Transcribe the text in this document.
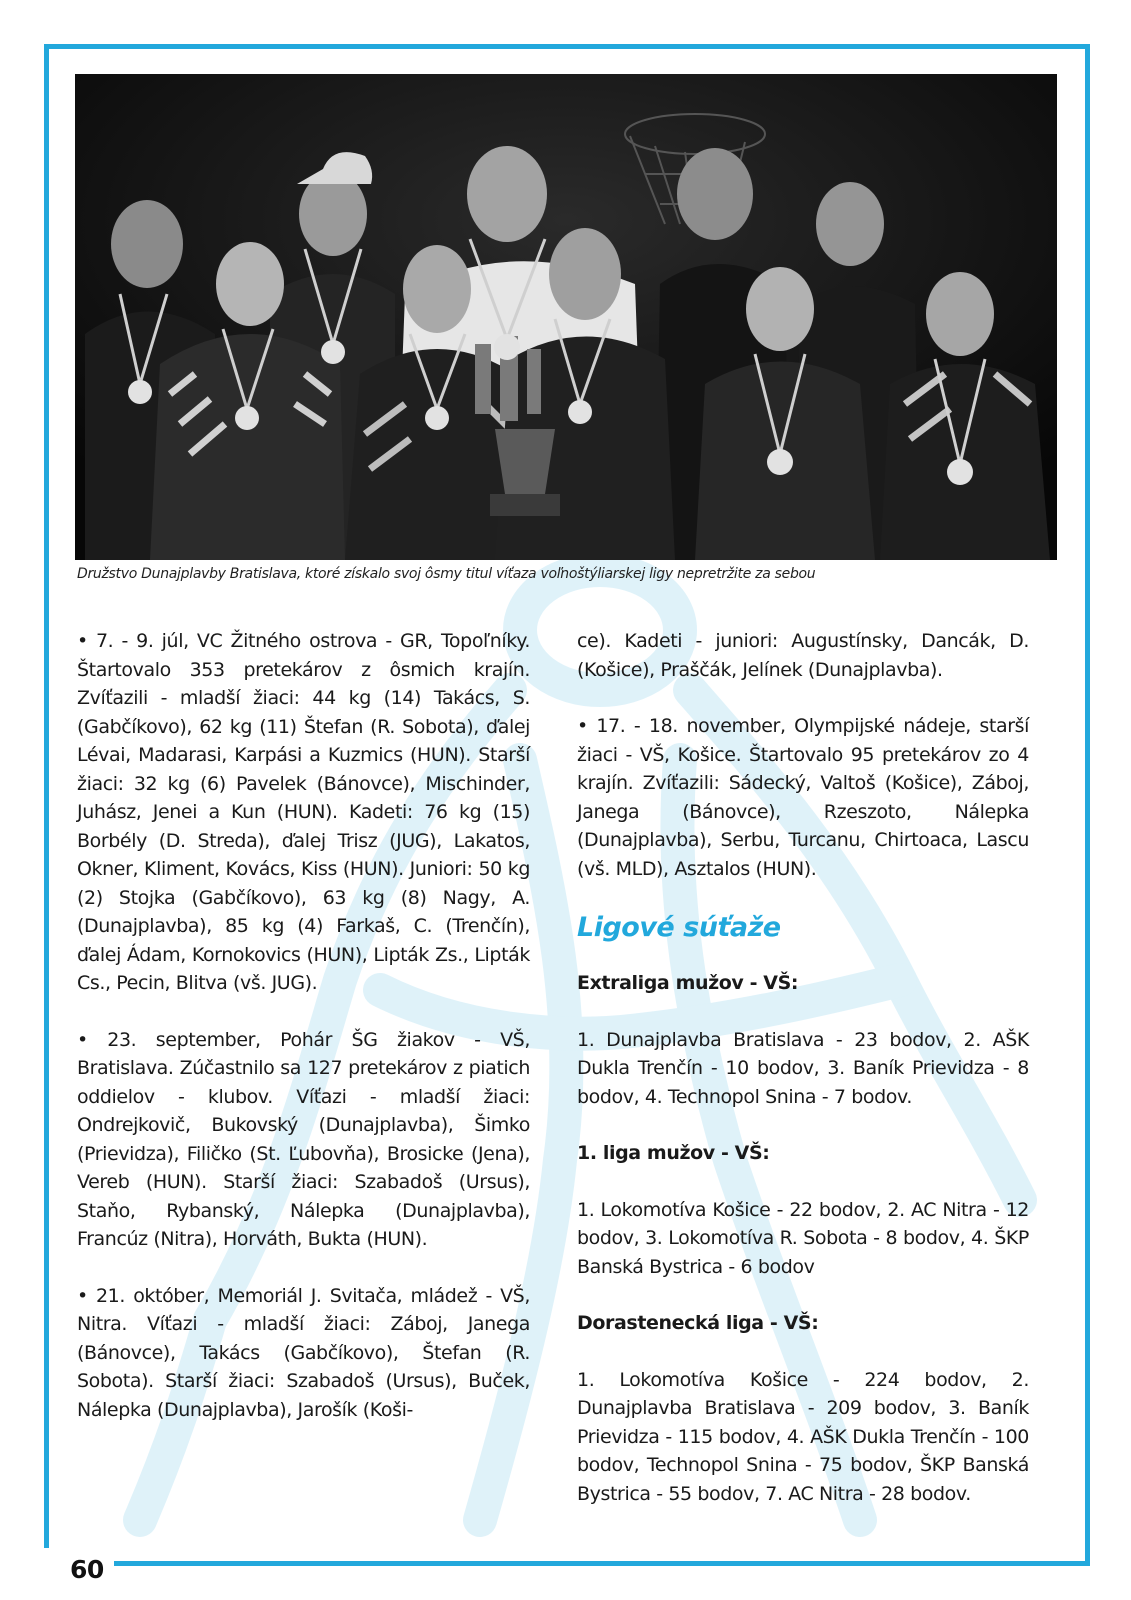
60
Družstvo Dunajplavby Bratislava, ktoré získalo svoj ôsmy titul víťaza voľnoštýliarskej ligy nepretržite za sebou

• 7. - 9. júl, VC Žitného ostrova - GR, Topoľníky. Štartovalo 353 pretekárov z ôsmich krajín. Zvíťazili - mladší žiaci: 44 kg (14) Takács, S. (Gabčíkovo), 62 kg (11) Štefan (R. Sobota), ďalej Lévai, Madarasi, Karpási a Kuzmics (HUN). Starší žiaci: 32 kg (6) Pavelek (Bánovce), Mischinder, Juhász, Jenei a Kun (HUN). Kadeti: 76 kg (15) Borbély (D. Streda), ďalej Trisz (JUG), Lakatos, Okner, Kliment, Kovács, Kiss (HUN). Juniori: 50 kg (2) Stojka (Gabčíkovo), 63 kg (8) Nagy, A. (Dunajplavba), 85 kg (4) Farkaš, C. (Trenčín), ďalej Ádam, Kornokovics (HUN), Lipták Zs., Lipták Cs., Pecin, Blitva (vš. JUG).

• 23. september, Pohár ŠG žiakov - VŠ, Bratislava. Zúčastnilo sa 127 pretekárov z piatich oddielov - klubov. Víťazi - mladší žiaci: Ondrejkovič, Bukovský (Dunajplavba), Šimko (Prievidza), Filičko (St. Ľubovňa), Brosicke (Jena), Vereb (HUN). Starší žiaci: Szabadoš (Ursus), Staňo, Rybanský, Nálepka (Dunajplavba), Francúz (Nitra), Horváth, Bukta (HUN).

• 21. október, Memoriál J. Svitača, mládež - VŠ, Nitra. Víťazi - mladší žiaci: Záboj, Janega (Bánovce), Takács (Gabčíkovo), Štefan (R. Sobota). Starší žiaci: Szabadoš (Ursus), Buček, Nálepka (Dunajplavba), Jarošík (Koši-

ce). Kadeti - juniori: Augustínsky, Dancák, D. (Košice), Praščák, Jelínek (Dunajplavba).

• 17. - 18. november, Olympijské nádeje, starší žiaci - VŠ, Košice. Štartovalo 95 pretekárov zo 4 krajín. Zvíťazili: Sádecký, Valtoš (Košice), Záboj, Janega (Bánovce), Rzeszoto, Nálepka (Dunajplavba), Serbu, Turcanu, Chirtoaca, Lascu (vš. MLD), Asztalos (HUN).

Ligové súťaže

Extraliga mužov - VŠ:

1. Dunajplavba Bratislava - 23 bodov, 2. AŠK Dukla Trenčín - 10 bodov, 3. Baník Prievidza - 8 bodov, 4. Technopol Snina - 7 bodov.

1. liga mužov - VŠ:

1. Lokomotíva Košice - 22 bodov, 2. AC Nitra - 12 bodov, 3. Lokomotíva R. Sobota - 8 bodov, 4. ŠKP Banská Bystrica - 6 bodov

Dorastenecká liga - VŠ:

1. Lokomotíva Košice - 224 bodov, 2. Dunajplavba Bratislava - 209 bodov, 3. Baník Prievidza - 115 bodov, 4. AŠK Dukla Trenčín - 100 bodov, Technopol Snina - 75 bodov, ŠKP Banská Bystrica - 55 bodov, 7. AC Nitra - 28 bodov.
